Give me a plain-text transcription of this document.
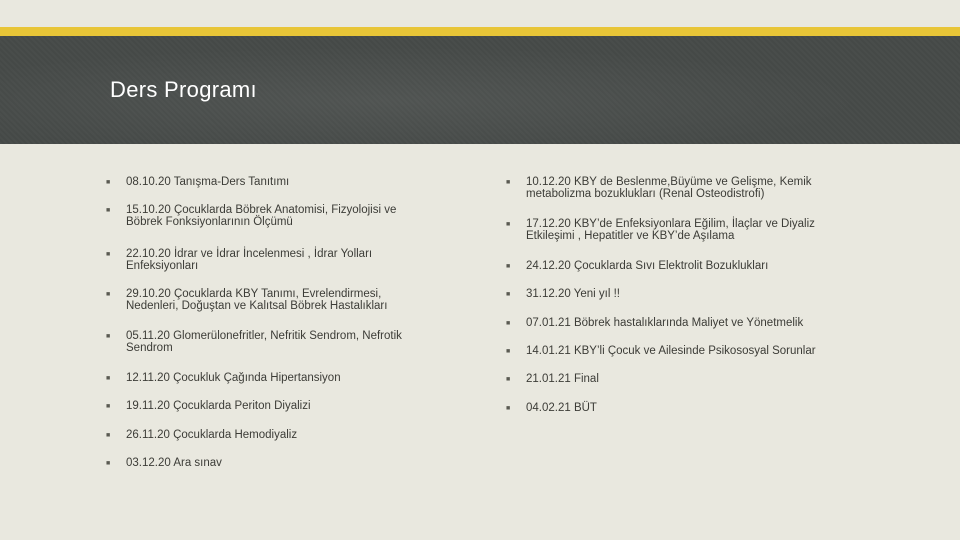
Ders Programı
■	08.10.20 Tanışma-Ders Tanıtımı
■	15.10.20 Çocuklarda Böbrek Anatomisi, Fizyolojisi ve
Böbrek Fonksiyonlarının Ölçümü
■	22.10.20 İdrar ve İdrar İncelenmesi , İdrar Yolları
Enfeksiyonları
■	29.10.20 Çocuklarda KBY Tanımı, Evrelendirmesi,
Nedenleri, Doğuştan ve Kalıtsal Böbrek Hastalıkları
■	05.11.20 Glomerülonefritler, Nefritik Sendrom, Nefrotik
Sendrom
■	12.11.20 Çocukluk Çağında Hipertansiyon
■	19.11.20 Çocuklarda Periton Diyalizi
■	26.11.20 Çocuklarda Hemodiyaliz
■	03.12.20 Ara sınav
■	10.12.20 KBY de Beslenme,Büyüme ve Gelişme, Kemik
metabolizma bozuklukları (Renal Osteodistrofi)
■	17.12.20 KBY’de Enfeksiyonlara Eğilim, İlaçlar ve Diyaliz
Etkileşimi , Hepatitler ve KBY’de Aşılama
■	24.12.20 Çocuklarda Sıvı Elektrolit Bozuklukları
■	31.12.20 Yeni yıl !!
■	07.01.21 Böbrek hastalıklarında Maliyet ve Yönetmelik
■	14.01.21 KBY’li Çocuk ve Ailesinde Psikososyal Sorunlar
■	21.01.21 Final
■	04.02.21 BÜT
